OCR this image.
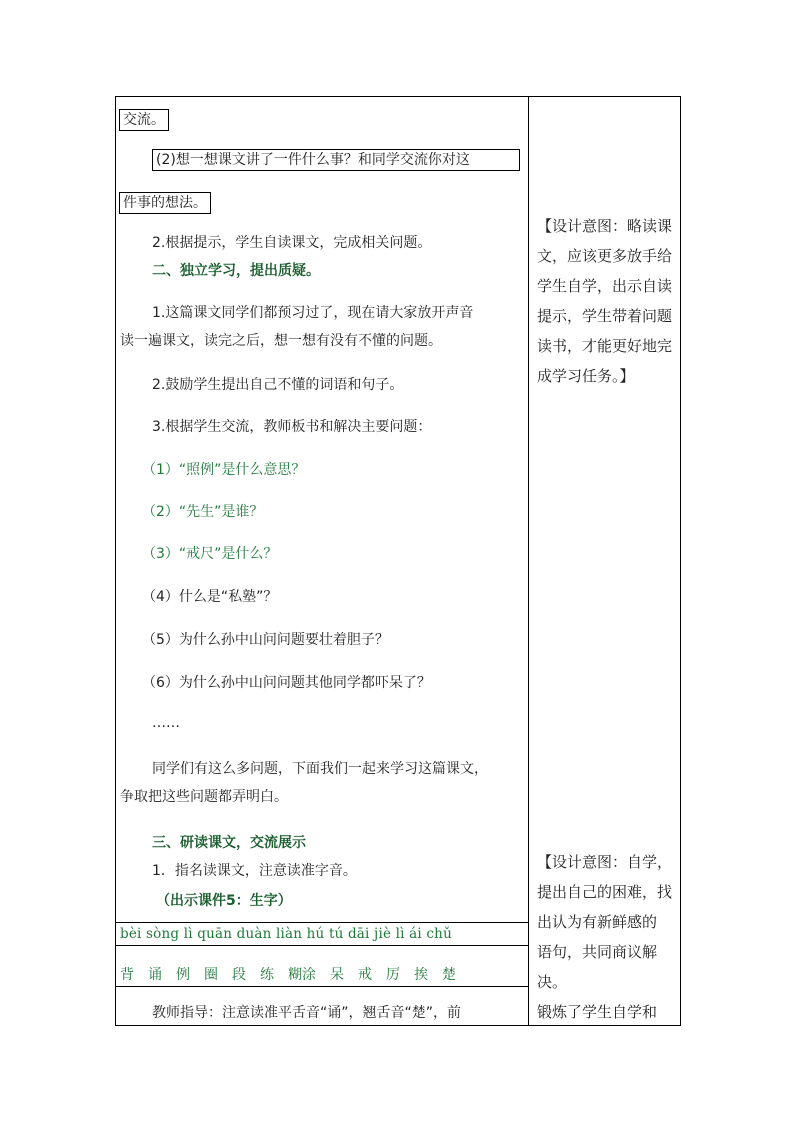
交流。
(2)想一想课文讲了一件什么事？和同学交流你对这
件事的想法。
2.根据提示，学生自读课文，完成相关问题。
二、独立学习，提出质疑。
1.这篇课文同学们都预习过了，现在请大家放开声音
读一遍课文，读完之后，想一想有没有不懂的问题。
2.鼓励学生提出自己不懂的词语和句子。
3.根据学生交流，教师板书和解决主要问题：
（1）“照例”是什么意思？
（2）“先生”是谁？
（3）“戒尺”是什么？
（4）什么是“私塾”？
（5）为什么孙中山问问题要壮着胆子？
（6）为什么孙中山问问题其他同学都吓呆了？
……
同学们有这么多问题，下面我们一起来学习这篇课文，
争取把这些问题都弄明白。
三、研读课文，交流展示
1．指名读课文，注意读准字音。
（出示课件5：生字）
bèi sòng lì quān duàn liàn hú tú dāi jiè lì ái chǔ
背　诵　例　圈　段　练　糊涂　呆　戒　厉　挨　楚
教师指导：注意读准平舌音“诵”，翘舌音“楚”，前
【设计意图：略读课
文，应该更多放手给
学生自学，出示自读
提示，学生带着问题
读书，才能更好地完
成学习任务。】
【设计意图：自学，
提出自己的困难，找
出认为有新鲜感的
语句，共同商议解决。
锻炼了学生自学和
